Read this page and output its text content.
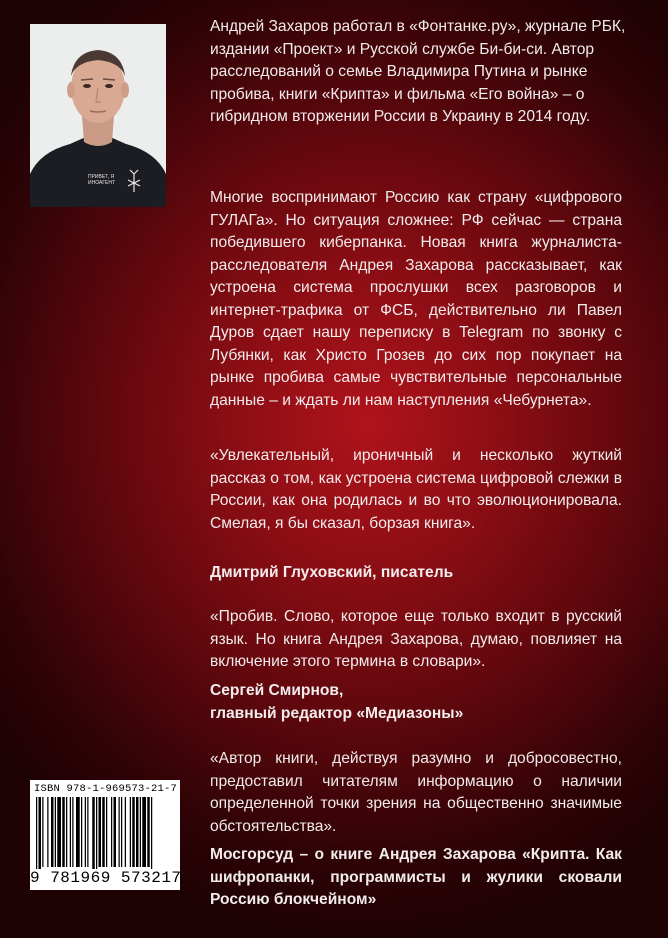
ПРИВЕТ, Я ИНОАГЕНТ

Андрей Захаров работал в «Фонтанке.ру», журнале РБК, издании «Проект» и Русской службе Би-би-си. Автор расследований о семье Владимира Путина и рынке пробива, книги «Крипта» и фильма «Его война» – о гибридном вторжении России в Украину в 2014 году.

Многие воспринимают Россию как страну «цифрового ГУЛАГа». Но ситуация сложнее: РФ сейчас — страна победившего киберпанка. Новая книга журналиста-расследователя Андрея Захарова рассказывает, как устроена система прослушки всех разговоров и интернет-трафика от ФСБ, действительно ли Павел Дуров сдает нашу переписку в Telegram по звонку с Лубянки, как Христо Грозев до сих пор покупает на рынке пробива самые чувствительные персональные данные – и ждать ли нам наступления «Чебурнета».

«Увлекательный, ироничный и несколько жуткий рассказ о том, как устроена система цифровой слежки в России, как она родилась и во что эволюционировала. Смелая, я бы сказал, борзая книга».

Дмитрий Глуховский, писатель

«Пробив. Слово, которое еще только входит в русский язык. Но книга Андрея Захарова, думаю, повлияет на включение этого термина в словари».

Сергей Смирнов,
главный редактор «Медиазоны»

«Автор книги, действуя разумно и добросовестно, предоставил читателям информацию о наличии определенной точки зрения на общественно значимые обстоятельства».

Мосгорсуд – о книге Андрея Захарова «Крипта. Как шифропанки, программисты и жулики сковали Россию блокчейном»

ISBN 978-1-969573-21-7
9 781969 573217
